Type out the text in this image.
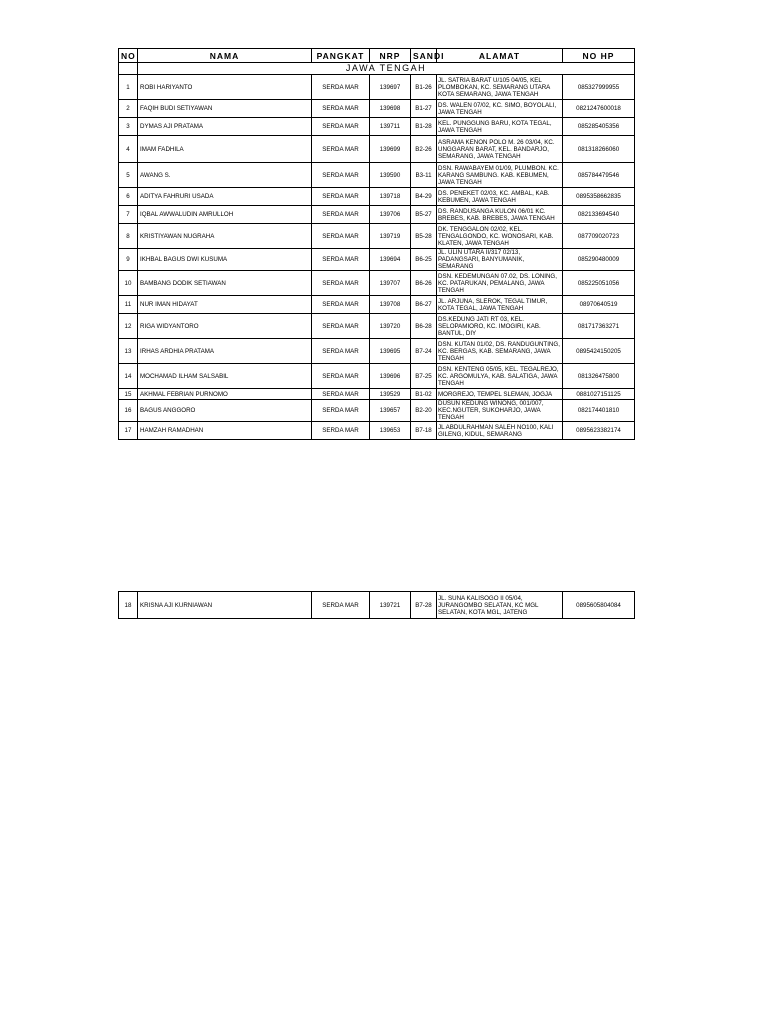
NO	NAMA	PANGKAT	NRP	SANDI	ALAMAT	NO HP
	JAWA TENGAH					
1	ROBI HARIYANTO	SERDA MAR	139697	B1-26	JL. SATRIA BARAT U/105 04/05, KEL PLOMBOKAN, KC. SEMARANG UTARA KOTA SEMARANG, JAWA TENGAH	085327999955
2	FAQIH BUDI SETIYAWAN	SERDA MAR	139698	B1-27	DS. WALEN 07/02, KC. SIMO, BOYOLALI, JAWA TENGAH	0821247600018
3	DYMAS AJI PRATAMA	SERDA MAR	139711	B1-28	KEL. PUNGGUNG BARU, KOTA TEGAL, JAWA TENGAH	085285405356
4	IMAM FADHILA	SERDA MAR	139699	B2-26	ASRAMA KENON POLO M. 26 03/04, KC. UNGGARAN BARAT, KEL. BANDARJO, SEMARANG, JAWA TENGAH	081318266060
5	AWANG S.	SERDA MAR	139590	B3-11	DSN. RAWABAYEM 01/09, PLUMBON. KC. KARANG SAMBUNG. KAB. KEBUMEN, JAWA TENGAH	085784479546
6	ADITYA FAHRURI USADA	SERDA MAR	139718	B4-29	DS. PENEKET 02/03, KC. AMBAL, KAB. KEBUMEN, JAWA TENGAH	0895358662835
7	IQBAL AWWALUDIN AMRULLOH	SERDA MAR	139706	B5-27	DS. RANDUSANGA KULON 06/01 KC. BREBES, KAB. BREBES, JAWA TENGAH	082133694540
8	KRISTIYAWAN NUGRAHA	SERDA MAR	139719	B5-28	DK. TENGGALON 02/02, KEL. TENGALGONDO, KC. WONOSARI, KAB. KLATEN, JAWA TENGAH	087709020723
9	IKHBAL BAGUS DWI KUSUMA	SERDA MAR	139694	B6-25	JL. ULIN UTARA II/317 02/13, PADANGSARI, BANYUMANIK, SEMARANG	085290480009
10	BAMBANG DODIK SETIAWAN	SERDA MAR	139707	B6-26	DSN. KEDEMUNGAN 07.02, DS. LONING, KC. PATARUKAN, PEMALANG, JAWA TENGAH	085225051056
11	NUR IMAN HIDAYAT	SERDA MAR	139708	B6-27	JL. ARJUNA, SLEROK, TEGAL TIMUR, KOTA TEGAL, JAWA TENGAH	08970640519
12	RIGA WIDYANTORO	SERDA MAR	139720	B6-28	DS.KEDUNG JATI RT 03, KEL. SELOPAMIORO, KC. IMOGIRI, KAB. BANTUL, DIY	081717363271
13	IRHAS ARDHIA PRATAMA	SERDA MAR	139695	B7-24	DSN. KUTAN 01/02, DS. RANDUGUNTING, KC. BERGAS, KAB. SEMARANG, JAWA TENGAH	0895424150205
14	MOCHAMAD ILHAM SALSABIL	SERDA MAR	139696	B7-25	DSN. KENTENG 05/05, KEL. TEGALREJO, KC. ARGOMULYA, KAB. SALATIGA, JAWA TENGAH	081326475800
15	AKHMAL FEBRIAN PURNOMO	SERDA MAR	139529	B1-02	MORGREJO, TEMPEL SLEMAN, JOGJA	0881027151125
16	BAGUS ANGGORO	SERDA MAR	139657	B2-20	DUSUN KEDUNG WINONG, 001/007, KEC.NGUTER, SUKOHARJO, JAWA TENGAH	082174401810
17	HAMZAH RAMADHAN	SERDA MAR	139653	B7-18	JL ABDULRAHMAN SALEH NO100, KALI GILENG, KIDUL, SEMARANG	0895623382174
18	KRISNA AJI KURNIAWAN	SERDA MAR	139721	B7-28	JL. SUNA KALISOGO II 05/04, JURANGOMBO SELATAN, KC MGL SELATAN, KOTA MGL, JATENG	0895605804084
